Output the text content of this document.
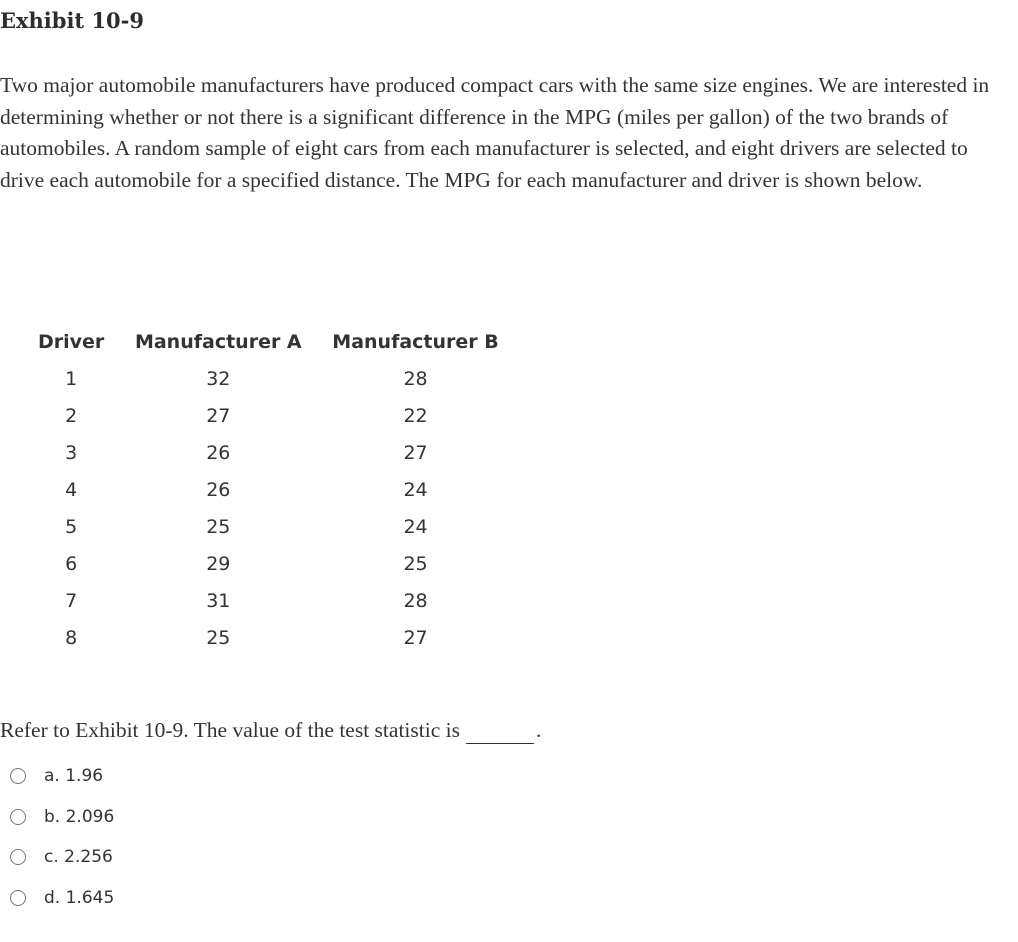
Exhibit 10-9

Two major automobile manufacturers have produced compact cars with the same size engines. We are interested in determining whether or not there is a significant difference in the MPG (miles per gallon) of the two brands of automobiles. A random sample of eight cars from each manufacturer is selected, and eight drivers are selected to drive each automobile for a specified distance. The MPG for each manufacturer and driver is shown below.

Driver	Manufacturer A	Manufacturer B
1	32	28
2	27	22
3	26	27
4	26	24
5	25	24
6	29	25
7	31	28
8	25	27

Refer to Exhibit 10-9. The value of the test statistic is	.

a. 1.96
b. 2.096
c. 2.256
d. 1.645
